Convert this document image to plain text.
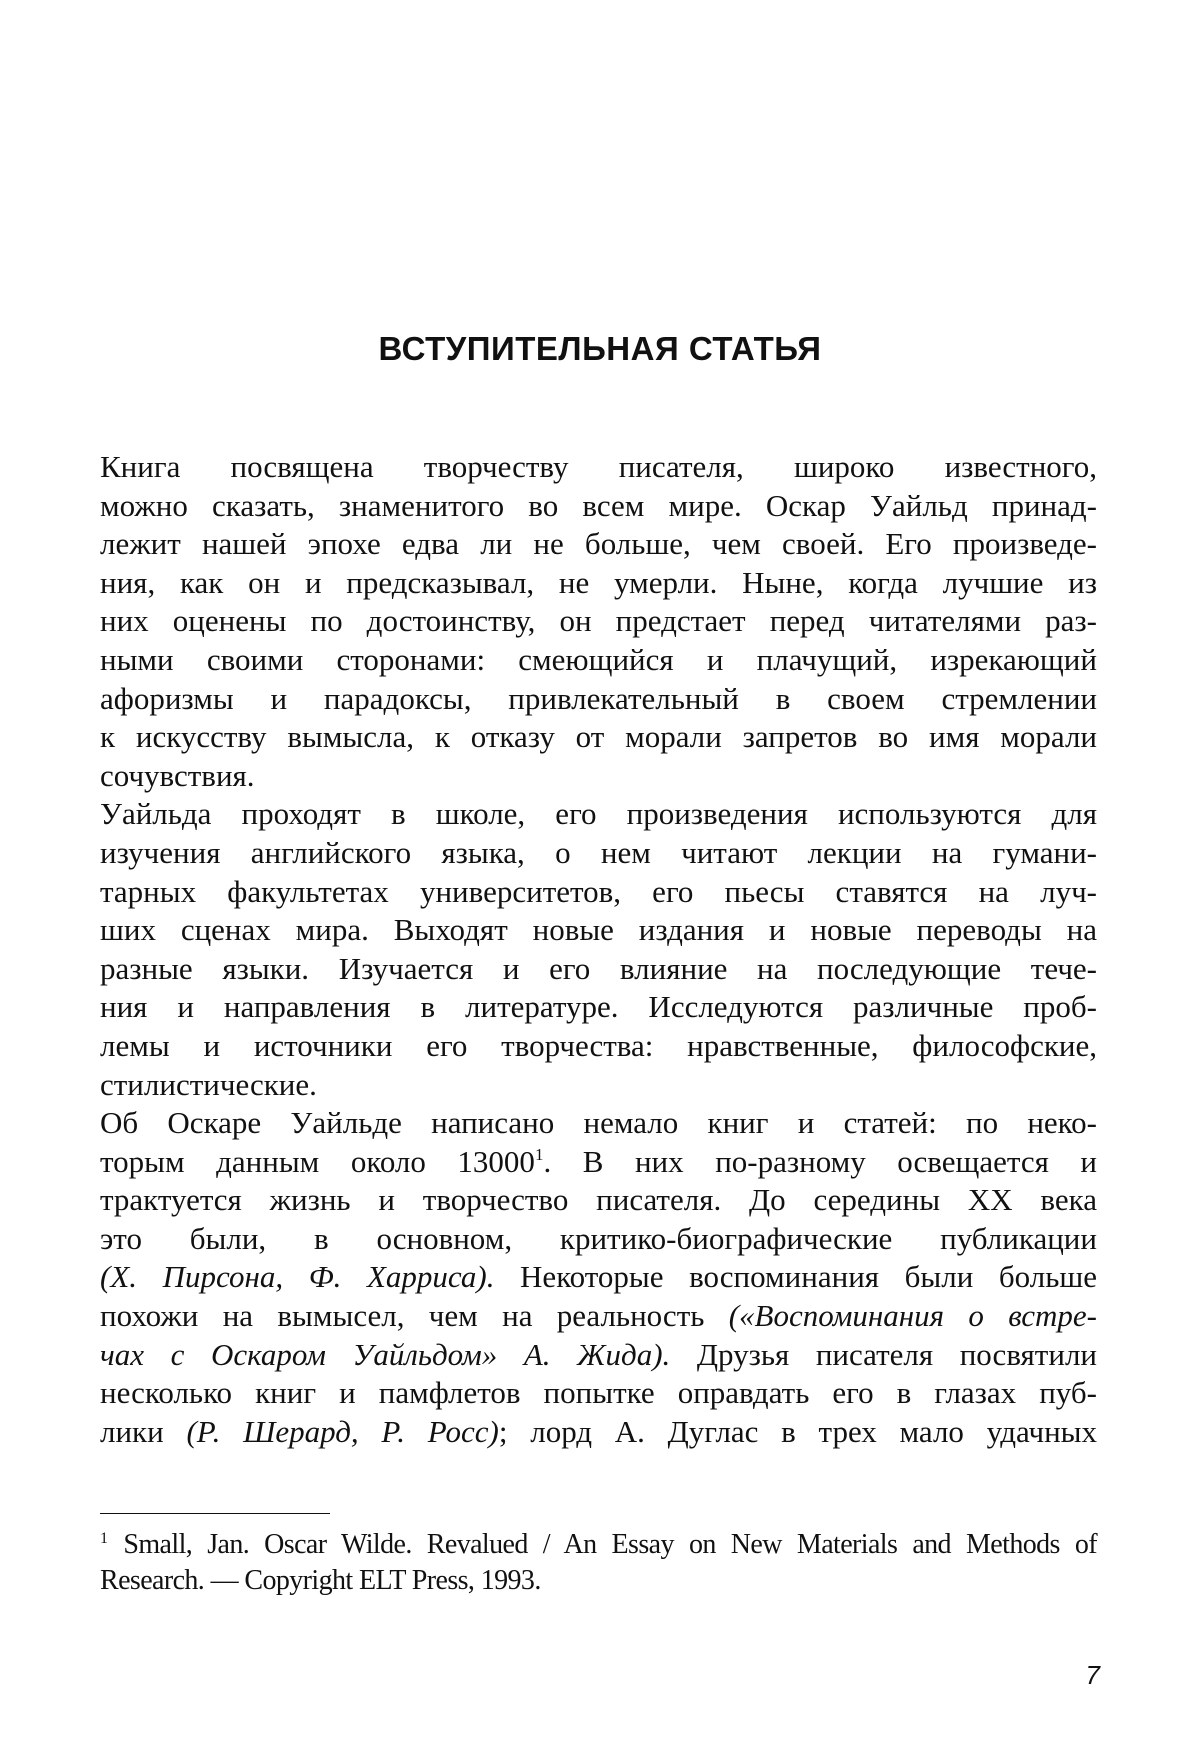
ВСТУПИТЕЛЬНАЯ СТАТЬЯ

Книга посвящена творчеству писателя, широко известного,
можно сказать, знаменитого во всем мире. Оскар Уайльд принад-
лежит нашей эпохе едва ли не больше, чем своей. Его произведе-
ния, как он и предсказывал, не умерли. Ныне, когда лучшие из
них оценены по достоинству, он предстает перед читателями раз-
ными своими сторонами: смеющийся и плачущий, изрекающий
афоризмы и парадоксы, привлекательный в своем стремлении
к искусству вымысла, к отказу от морали запретов во имя морали
сочувствия.

Уайльда проходят в школе, его произведения используются для
изучения английского языка, о нем читают лекции на гумани-
тарных факультетах университетов, его пьесы ставятся на луч-
ших сценах мира. Выходят новые издания и новые переводы на
разные языки. Изучается и его влияние на последующие тече-
ния и направления в литературе. Исследуются различные проб-
лемы и источники его творчества: нравственные, философские,
стилистические.

Об Оскаре Уайльде написано немало книг и статей: по неко-
торым данным около 13000$^1$. В них по-разному освещается и
трактуется жизнь и творчество писателя. До середины XX века
это были, в основном, критико-биографические публикации
(Х. Пирсона, Ф. Харриса). Некоторые воспоминания были больше
похожи на вымысел, чем на реальность («Воспоминания о встре-
чах с Оскаром Уайльдом» А. Жида). Друзья писателя посвятили
несколько книг и памфлетов попытке оправдать его в глазах пуб-
лики (Р. Шерард, Р. Росс); лорд А. Дуглас в трех мало удачных

$^1$ Small, Jan. Oscar Wilde. Revalued / An Essay on New Materials and Methods of
Research. — Copyright ELT Press, 1993.
7
